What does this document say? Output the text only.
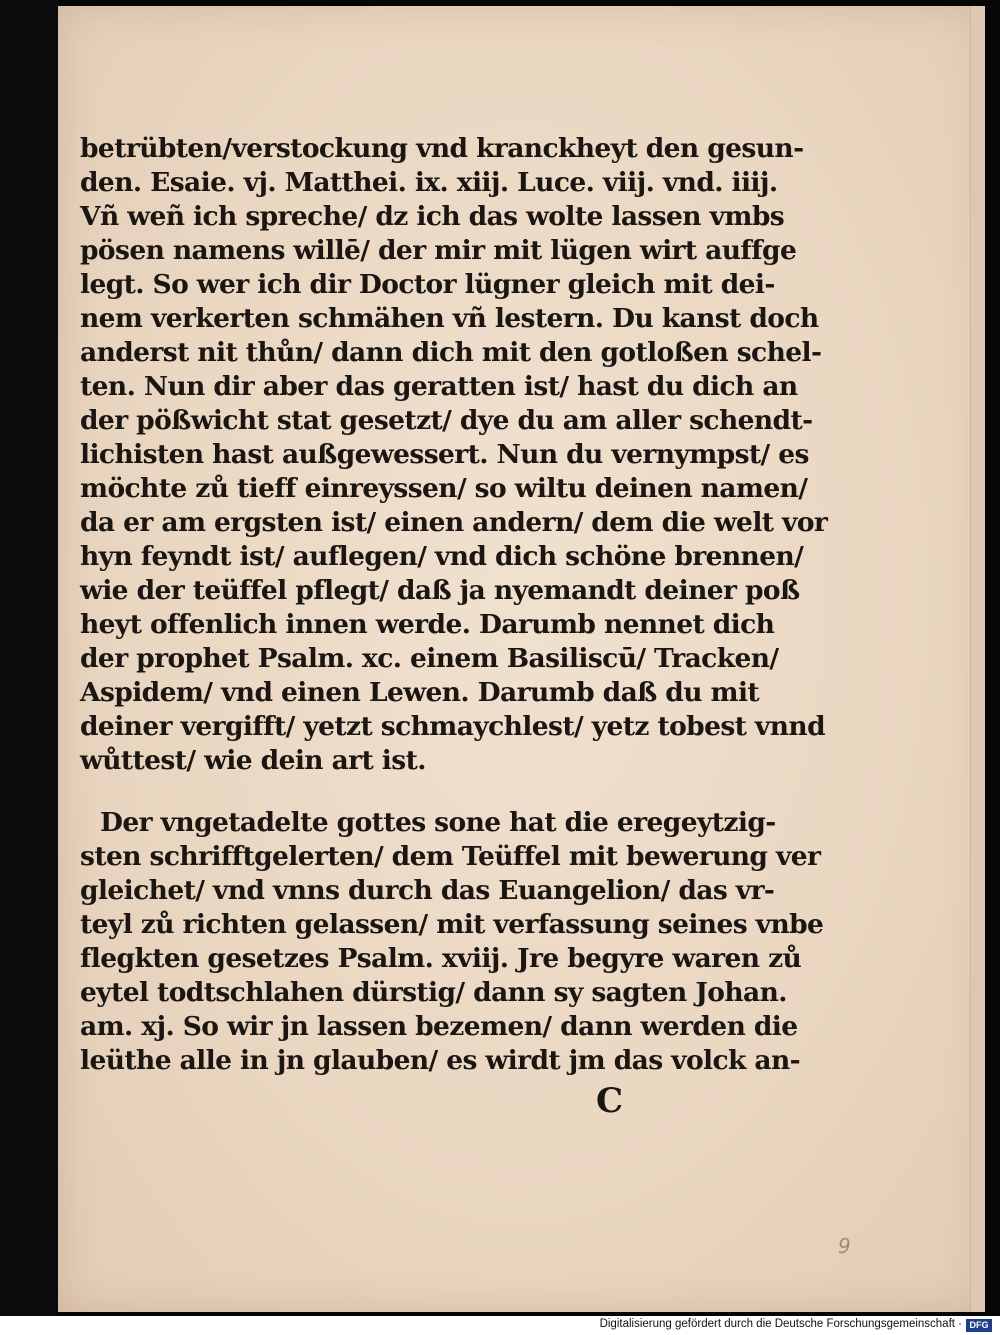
betrübten/verstockung vnd kranckheyt den gesun-
den. Esaie. vj. Matthei. ix. xiij. Luce. viij. vnd. iiij.
Vñ weñ ich spreche/ dz ich das wolte lassen vmbs
pösen namens willē/ der mir mit lügen wirt auffge
legt. So wer ich dir Doctor lügner gleich mit dei-
nem verkerten schmähen vñ lestern. Du kanst doch
anderst nit thůn/ dann dich mit den gotloßen schel-
ten. Nun dir aber das geratten ist/ hast du dich an
der pößwicht stat gesetzt/ dye du am aller schendt-
lichisten hast außgewessert. Nun du vernympst/ es
möchte zů tieff einreyssen/ so wiltu deinen namen/
da er am ergsten ist/ einen andern/ dem die welt vor
hyn feyndt ist/ auflegen/ vnd dich schöne brennen/
wie der teüffel pflegt/ daß ja nyemandt deiner poß
heyt offenlich innen werde. Darumb nennet dich
der prophet Psalm. xc. einem Basiliscū/ Tracken/
Aspidem/ vnd einen Lewen. Darumb daß du mit
deiner vergifft/ yetzt schmaychlest/ yetz tobest vnnd
wůttest/ wie dein art ist.
Der vngetadelte gottes sone hat die eregeytzig-
sten schrifftgelerten/ dem Teüffel mit bewerung ver
gleichet/ vnd vnns durch das Euangelion/ das vr-
teyl zů richten gelassen/ mit verfassung seines vnbe
flegkten gesetzes Psalm. xviij. Jre begyre waren zů
eytel todtschlahen dürstig/ dann sy sagten Johan.
am. xj. So wir jn lassen bezemen/ dann werden die
leüthe alle in jn glauben/ es wirdt jm das volck an-
C
9
Digitalisierung gefördert durch die Deutsche Forschungsgemeinschaft · DFG
